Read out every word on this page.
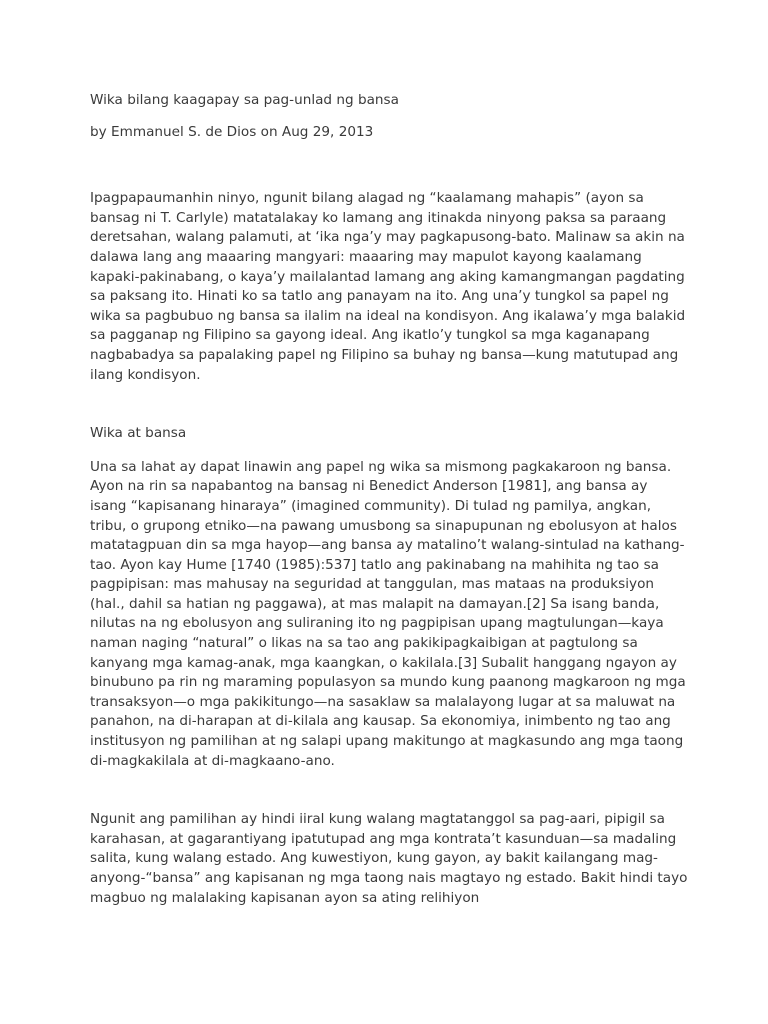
Wika bilang kaagapay sa pag-unlad ng bansa

by Emmanuel S. de Dios on Aug 29, 2013

Ipagpapaumanhin ninyo, ngunit bilang alagad ng “kaalamang mahapis” (ayon sa bansag ni T. Carlyle) matatalakay ko lamang ang itinakda ninyong paksa sa paraang deretsahan, walang palamuti, at ‘ika nga’y may pagkapusong-bato. Malinaw sa akin na dalawa lang ang maaaring mangyari: maaaring may mapulot kayong kaalamang kapaki-pakinabang, o kaya’y mailalantad lamang ang aking kamangmangan pagdating sa paksang ito. Hinati ko sa tatlo ang panayam na ito. Ang una’y tungkol sa papel ng wika sa pagbubuo ng bansa sa ilalim na ideal na kondisyon. Ang ikalawa’y mga balakid sa pagganap ng Filipino sa gayong ideal. Ang ikatlo’y tungkol sa mga kaganapang nagbabadya sa papalaking papel ng Filipino sa buhay ng bansa—kung matutupad ang ilang kondisyon.

Wika at bansa

Una sa lahat ay dapat linawin ang papel ng wika sa mismong pagkakaroon ng bansa. Ayon na rin sa napabantog na bansag ni Benedict Anderson [1981], ang bansa ay isang “kapisanang hinaraya” (imagined community). Di tulad ng pamilya, angkan, tribu, o grupong etniko—na pawang umusbong sa sinapupunan ng ebolusyon at halos matatagpuan din sa mga hayop—ang bansa ay matalino’t walang-sintulad na kathang-tao. Ayon kay Hume [1740 (1985):537] tatlo ang pakinabang na mahihita ng tao sa pagpipisan: mas mahusay na seguridad at tanggulan, mas mataas na produksiyon (hal., dahil sa hatian ng paggawa), at mas malapit na damayan.[2] Sa isang banda, nilutas na ng ebolusyon ang suliraning ito ng pagpipisan upang magtulungan—kaya naman naging “natural” o likas na sa tao ang pakikipagkaibigan at pagtulong sa kanyang mga kamag-anak, mga kaangkan, o kakilala.[3] Subalit hanggang ngayon ay binubuno pa rin ng maraming populasyon sa mundo kung paanong magkaroon ng mga transaksyon—o mga pakikitungo—na sasaklaw sa malalayong lugar at sa maluwat na panahon, na di-harapan at di-kilala ang kausap. Sa ekonomiya, inimbento ng tao ang institusyon ng pamilihan at ng salapi upang makitungo at magkasundo ang mga taong di-magkakilala at di-magkaano-ano.

Ngunit ang pamilihan ay hindi iiral kung walang magtatanggol sa pag-aari, pipigil sa karahasan, at gagarantiyang ipatutupad ang mga kontrata’t kasunduan—sa madaling salita, kung walang estado. Ang kuwestiyon, kung gayon, ay bakit kailangang mag-anyong-“bansa” ang kapisanan ng mga taong nais magtayo ng estado. Bakit hindi tayo magbuo ng malalaking kapisanan ayon sa ating relihiyon
